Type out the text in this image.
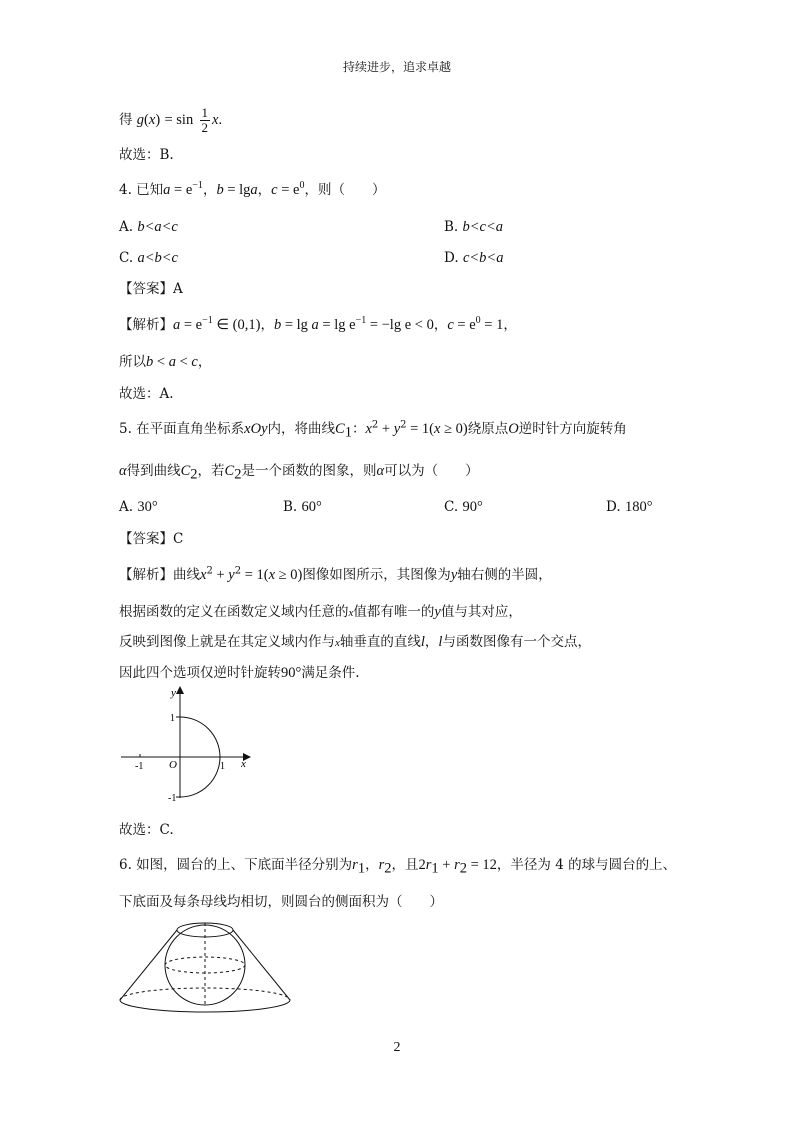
持续进步，追求卓越
得 $g(x) = \sin \frac{1}{2} x$.
故选：B.
4. 已知$a = e^{-1}$，b = lga，$c = e^0$，则（　　）
A. b<a<c	B. b<c<a
C. a<b<c	D. c<b<a
【答案】A
【解析】$a = e^{-1}$ ∈ (0,1)，$b = \lg a = \lg e^{-1} = -\lg$ e < 0，$c = e^0 = 1$，
所以b < a < c，
故选：A.
5. 在平面直角坐标系xOy内，将曲线$C_1$：$x^2 + y^2 = 1(x \ge 0)$绕原点O逆时针方向旋转角
α得到曲线$C_2$，若$C_2$是一个函数的图象，则α可以为（　　）
A. 30°	B. 60°	C. 90°	D. 180°
【答案】C
【解析】曲线$x^2 + y^2 = 1(x \ge 0)$图像如图所示，其图像为y轴右侧的半圆，
根据函数的定义在函数定义域内任意的x值都有唯一的y值与其对应，
反映到图像上就是在其定义域内作与x轴垂直的直线l，l与函数图像有一个交点，
因此四个选项仅逆时针旋转90°满足条件.
y
x
O
-1	1
1
-1
故选：C.
6. 如图，圆台的上、下底面半径分别为$r_1$，$r_2$，且$2r_1 + r_2 = 12$，半径为 4 的球与圆台的上、
下底面及每条母线均相切，则圆台的侧面积为（　　）
2
